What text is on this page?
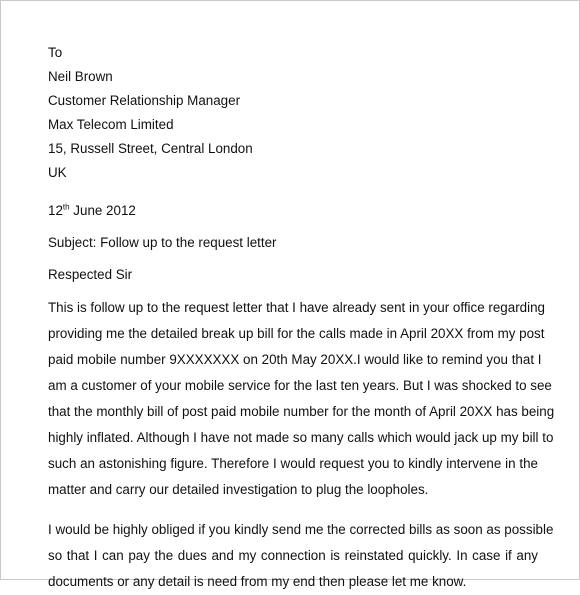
To
Neil Brown
Customer Relationship Manager
Max Telecom Limited
15, Russell Street, Central London
UK
12th June 2012
Subject: Follow up to the request letter
Respected Sir
This is follow up to the request letter that I have already sent in your office regarding
providing me the detailed break up bill for the calls made in April 20XX from my post
paid mobile number 9XXXXXXX on 20th May 20XX.I would like to remind you that I
am a customer of your mobile service for the last ten years. But I was shocked to see
that the monthly bill of post paid mobile number for the month of April 20XX has being
highly inflated. Although I have not made so many calls which would jack up my bill to
such an astonishing figure. Therefore I would request you to kindly intervene in the
matter and carry our detailed investigation to plug the loopholes.
I would be highly obliged if you kindly send me the corrected bills as soon as possible
so that I can pay the dues and my connection is reinstated quickly. In case if any
documents or any detail is need from my end then please let me know.
